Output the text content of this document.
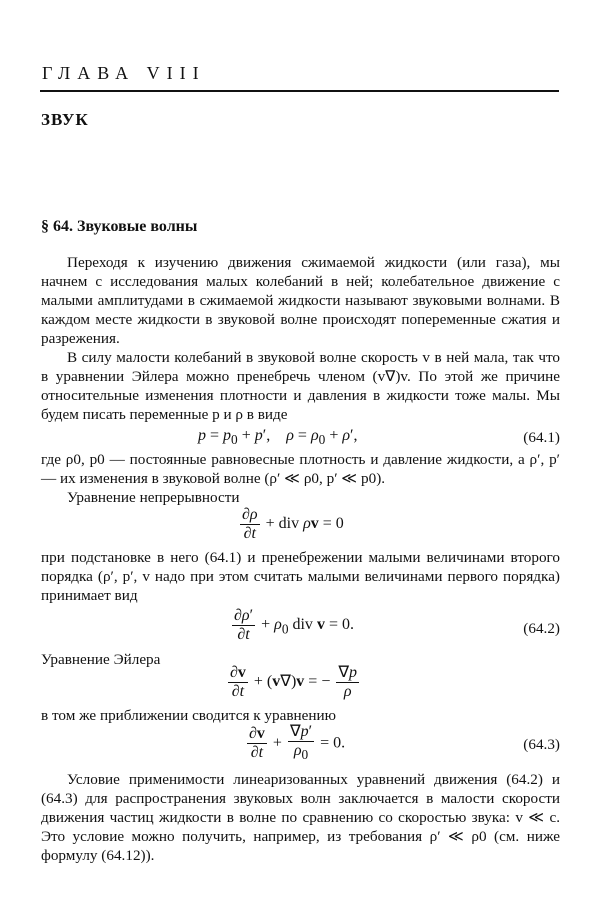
ГЛАВА VIII
ЗВУК
§ 64. Звуковые волны
Переходя к изучению движения сжимаемой жидкости (или газа), мы начнем с исследования малых колебаний в ней; колебательное движение с малыми амплитудами в сжимаемой жидкости называют звуковыми волнами. В каждом месте жидкости в звуковой волне происходят попеременные сжатия и разрежения.
В силу малости колебаний в звуковой волне скорость v в ней мала, так что в уравнении Эйлера можно пренебречь членом (v∇)v. По этой же причине относительные изменения плотности и давления в жидкости тоже малы. Мы будем писать переменные p и ρ в виде
$p = p_0 + p'$,    $\rho = \rho_0 + \rho'$,	(64.1)
где ρ0, p0 — постоянные равновесные плотность и давление жидкости, а ρ′, p′ — их изменения в звуковой волне (ρ′ ≪ ρ0, p′ ≪ p0).
Уравнение непрерывности
$\frac{\partial\rho}{\partial t}$ + div ρv = 0
при подстановке в него (64.1) и пренебрежении малыми величинами второго порядка (ρ′, p′, v надо при этом считать малыми величинами первого порядка) принимает вид
$\frac{\partial\rho'}{\partial t} + \rho_0$ div v = 0.	(64.2)
Уравнение Эйлера
$\frac{\partial v}{\partial t} + (v\nabla)v$ = − $\frac{\nabla p}{\rho}$
в том же приближении сводится к уравнению
$\frac{\partial v}{\partial t} + \frac{\nabla p'}{\rho_0} = 0$.	(64.3)
Условие применимости линеаризованных уравнений движения (64.2) и (64.3) для распространения звуковых волн заключается в малости скорости движения частиц жидкости в волне по сравнению со скоростью звука: v ≪ c. Это условие можно получить, например, из требования ρ′ ≪ ρ0 (см. ниже формулу (64.12)).
